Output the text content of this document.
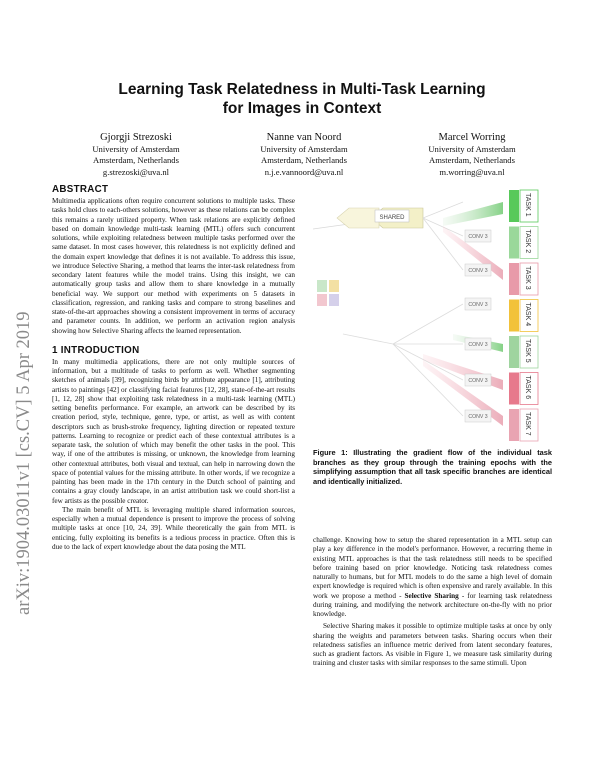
arXiv:1904.03011v1 [cs.CV] 5 Apr 2019
Learning Task Relatedness in Multi-Task Learning
for Images in Context
Gjorgji Strezoski
University of Amsterdam
Amsterdam, Netherlands
g.strezoski@uva.nl
Nanne van Noord
University of Amsterdam
Amsterdam, Netherlands
n.j.e.vannoord@uva.nl
Marcel Worring
University of Amsterdam
Amsterdam, Netherlands
m.worring@uva.nl
ABSTRACT

Multimedia applications often require concurrent solutions to multiple tasks. These tasks hold clues to each-others solutions, however as these relations can be complex this remains a rarely utilized property. When task relations are explicitly defined based on domain knowledge multi-task learning (MTL) offers such concurrent solutions, while exploiting relatedness between multiple tasks performed over the same dataset. In most cases however, this relatedness is not explicitly defined and the domain expert knowledge that defines it is not available. To address this issue, we introduce Selective Sharing, a method that learns the inter-task relatedness from secondary latent features while the model trains. Using this insight, we can automatically group tasks and allow them to share knowledge in a mutually beneficial way. We support our method with experiments on 5 datasets in classification, regression, and ranking tasks and compare to strong baselines and state-of-the-art approaches showing a consistent improvement in terms of accuracy and parameter counts. In addition, we perform an activation region analysis showing how Selective Sharing affects the learned representation.

1 INTRODUCTION

In many multimedia applications, there are not only multiple sources of information, but a multitude of tasks to perform as well. Whether segmenting sketches of animals [39], recognizing birds by attribute appearance [1], attributing artists to paintings [42] or classifying facial features [12, 28], state-of-the-art results [1, 12, 28] show that exploiting task relatedness in a multi-task learning (MTL) setting benefits performance. For example, an artwork can be described by its creation period, style, technique, genre, type, or artist, as well as with content descriptors such as brush-stroke frequency, lighting direction or repeated texture patterns. Learning to recognize or predict each of these contextual attributes is a separate task, the solution of which may benefit the other tasks in the pool. This way, if one of the attributes is missing, or unknown, the knowledge from learning other contextual attributes, both visual and textual, can help in narrowing down the space of potential values for the missing attribute. In other words, if we recognize a painting has been made in the 17th century in the Dutch school of painting and contains a gray cloudy landscape, in an artist attribution task we could short-list a few artists as the possible creator.

The main benefit of MTL is leveraging multiple shared information sources, especially when a mutual dependence is present to improve the process of solving multiple tasks at once [10, 24, 39]. While theoretically the gain from MTL is enticing, fully exploiting its benefits is a tedious process in practice. Often this is due to the lack of expert knowledge about the data posing the MTL

SHARED
CONV 3
CONV 3
CONV 3
CONV 3
CONV 3
CONV 3
TASK 1
TASK 2
TASK 3
TASK 4
TASK 5
TASK 6
TASK 7
Figure 1: Illustrating the gradient flow of the individual task branches as they group through the training epochs with the simplifying assumption that all task specific branches are identical and identically initialized.

challenge. Knowing how to setup the shared representation in a MTL setup can play a key difference in the model's performance. However, a recurring theme in existing MTL approaches is that the task relatedness still needs to be specified before training based on prior knowledge. Noticing task relatedness comes naturally to humans, but for MTL models to do the same a high level of domain expert knowledge is required which is often expensive and rarely available. In this work we propose a method - Selective Sharing - for learning task relatedness during training, and modifying the network architecture on-the-fly with no prior knowledge.

Selective Sharing makes it possible to optimize multiple tasks at once by only sharing the weights and parameters between tasks. Sharing occurs when their relatedness satisfies an influence metric derived from latent secondary features, such as gradient factors. As visible in Figure 1, we measure task similarity during training and cluster tasks with similar responses to the same stimuli. Upon
